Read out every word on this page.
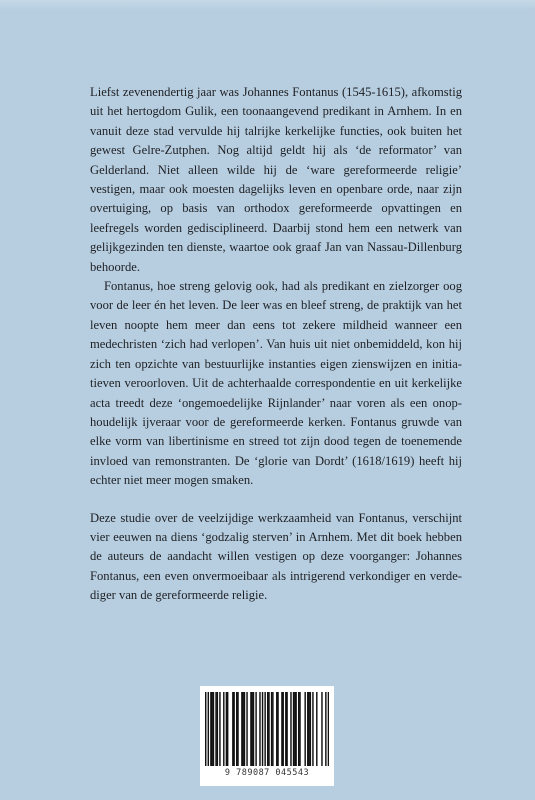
Liefst zevenendertig jaar was Johannes Fontanus (1545-1615), afkomstig uit het hertogdom Gulik, een toonaangevend predikant in Arnhem. In en vanuit deze stad vervulde hij talrijke kerkelijke functies, ook buiten het gewest Gelre-Zutphen. Nog altijd geldt hij als ‘de reformator’ van Gelderland. Niet alleen wilde hij de ‘ware gereformeerde religie’ vestigen, maar ook moesten dagelijks leven en openbare orde, naar zijn overtuiging, op basis van orthodox gereformeerde opvattingen en leefregels worden gedisciplineerd. Daarbij stond hem een netwerk van gelijkgezinden ten dienste, waartoe ook graaf Jan van Nassau-Dillenburg behoorde.

Fontanus, hoe streng gelovig ook, had als predikant en zielzorger oog voor de leer én het leven. De leer was en bleef streng, de praktijk van het leven noopte hem meer dan eens tot zekere mildheid wanneer een medechristen ‘zich had verlopen’. Van huis uit niet onbemiddeld, kon hij zich ten opzichte van bestuurlijke instanties eigen zienswijzen en initiatieven veroorloven. Uit de achterhaalde correspondentie en uit kerkelijke acta treedt deze ‘ongemoedelijke Rijnlander’ naar voren als een onophoudelijk ijveraar voor de gereformeerde kerken. Fontanus gruwde van elke vorm van libertinisme en streed tot zijn dood tegen de toenemende invloed van remonstranten. De ‘glorie van Dordt’ (1618/1619) heeft hij echter niet meer mogen smaken.

Deze studie over de veelzijdige werkzaamheid van Fontanus, verschijnt vier eeuwen na diens ‘godzalig sterven’ in Arnhem. Met dit boek hebben de auteurs de aandacht willen vestigen op deze voorganger: Johannes Fontanus, een even onvermoeibaar als intrigerend verkondiger en verdediger van de gereformeerde religie.

9 789087 045543
